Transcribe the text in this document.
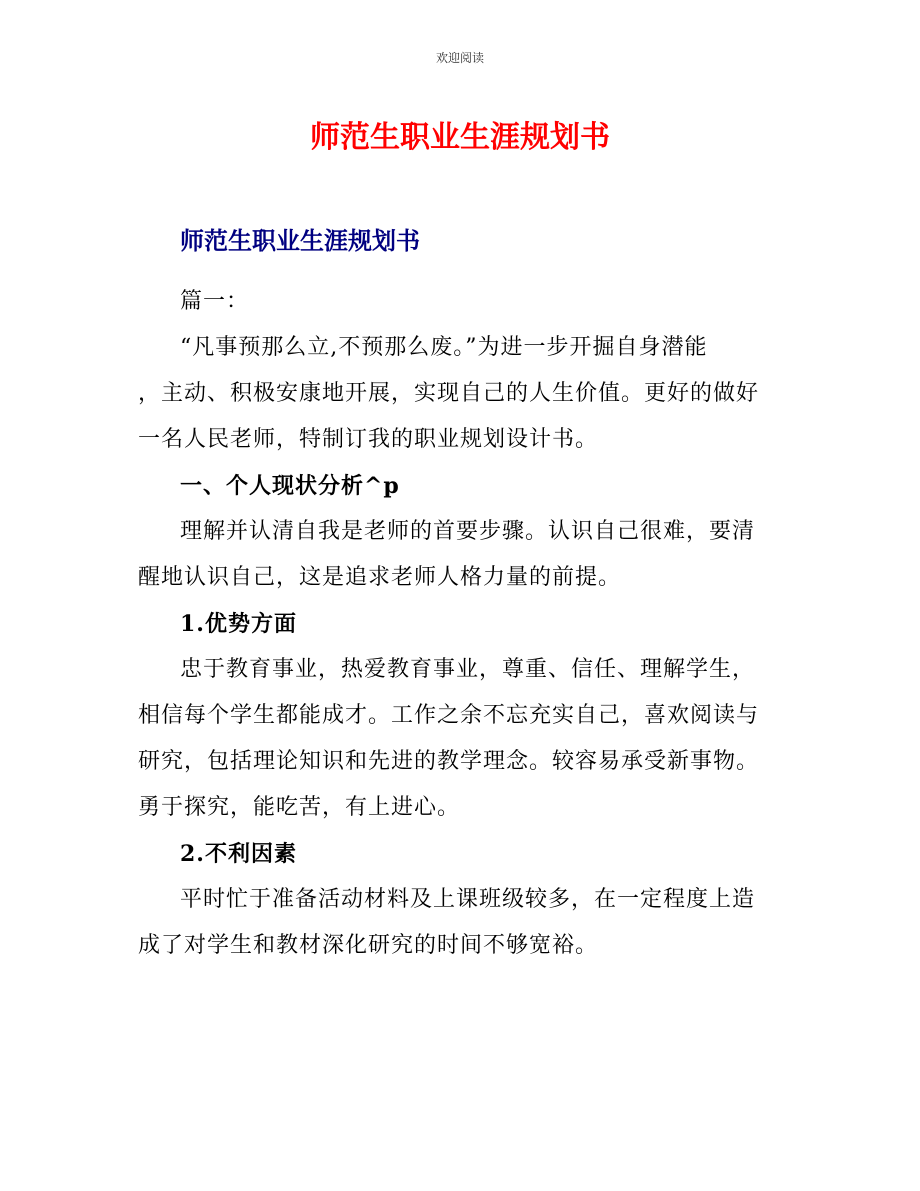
欢迎阅读
师范生职业生涯规划书
师范生职业生涯规划书
篇一：
“凡事预那么立,不预那么废。”为进一步开掘自身潜能
，主动、积极安康地开展，实现自己的人生价值。更好的做好
一名人民老师，特制订我的职业规划设计书。
一、个人现状分析^p
理解并认清自我是老师的首要步骤。认识自己很难，要清
醒地认识自己，这是追求老师人格力量的前提。
1.优势方面
忠于教育事业，热爱教育事业，尊重、信任、理解学生，
相信每个学生都能成才。工作之余不忘充实自己，喜欢阅读与
研究，包括理论知识和先进的教学理念。较容易承受新事物。
勇于探究，能吃苦，有上进心。
2.不利因素
平时忙于准备活动材料及上课班级较多，在一定程度上造
成了对学生和教材深化研究的时间不够宽裕。
